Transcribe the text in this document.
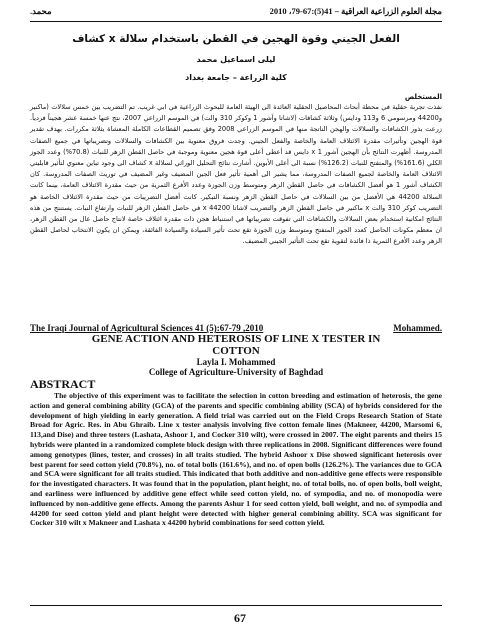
مجلة العلوم الزراعية العراقية – 41(5):67-79، 2010
محمد.
الفعل الجيني وقوة الهجين في القطن باستخدام سلالة x كشاف
ليلى اسماعيل محمد
كلية الزراعة – جامعة بغداد
المستخلص
نفذت تجربة حقلية في محطة أبحاث المحاصيل الحقلية العائدة الى الهيئة العامة للبحوث الزراعية في ابي غريب. تم التضريب بين خمس سلالات (ماكنير و44200 ومرسومي 6 و113 ودايس) وثلاثة كشافات (لاشاتا وآشور 1 وكوكر 310 والت) في الموسم الزراعي 2007، نتج عنها خمسة عشر هجيناً فردياً. زرعت بذور الكشافات والسلالات والهجن الناتجة منها في الموسم الزراعي 2008 وفق تصميم القطاعات الكاملة المعشاة بثلاثة مكررات. بهدف تقدير قوة الهجين وتأثيرات مقدرة الائتلاف العامة والخاصة والفعل الجيني. وجدت فروق معنوية بين الكشافات والسلالات وتضريباتها في جميع الصفات المدروسة. أظهرت النتائج بأن الهجين آشور 1 x دايس قد أعطى أعلى قوة هجين معنوية وموجبة في حاصل القطن الزهر للنبات (70.8%) وعدد الجوز الكلي (161.6%) والمتفتح للنبات (126.2%) نسبة الى أعلى الأبوين. أشارت نتائج التحليل الوراثي لسلالة x كشاف الى وجود تباين معنوي لتأثير قابليتي الائتلاف العامة والخاصة لجميع الصفات المدروسة، مما يشير الى أهمية تأثير فعل الجين المضيف وغير المضيف في توريث الصفات المدروسة. كان الكشاف آشور 1 هو أفضل الكشافات في حاصل القطن الزهر ومتوسط وزن الجوزة وعدد الأفرع الثمرية من حيث مقدرة الائتلاف العامة، بينما كانت السلالة 44200 هي الأفضل من بين السلالات في حاصل القطن الزهر ونسبة التبكير. كانت أفضل التضريبات من حيث مقدرة الائتلاف الخاصة هو التضريب كوكر 310 والت x ماكنير في حاصل القطن الزهر والتضريب لاشاتا x 44200 في حاصل القطن الزهر للنبات وارتفاع النبات. يستنتج من هذه النتائج امكانية استخدام بعض السلالات والكشافات التي تفوقت تضريباتها في استنباط هجن ذات مقدرة ائتلاف خاصة لانتاج حاصل عال من القطن الزهر، ان معظم مكونات الحاصل كعدد الجوز المتفتح ومتوسط وزن الجوزة تقع تحت تأثير السيادة والسيادة الفائقة، ويمكن ان يكون الانتخاب لحاصل القطن الزهر وعدد الأفرع الثمرية ذا فائدة لتقوية تقع تحت التأثير الجيني المضيف.
The Iraqi Journal of Agricultural Sciences 41 (5):67-79 ,2010	Mohammed.
GENE ACTION AND HETEROSIS OF LINE X TESTER IN
COTTON
Layla I. Mohammed
College of Agriculture-University of Baghdad
ABSTRACT

The objective of this experiment was to facilitate the selection in cotton breeding and estimation of heterosis, the gene action and general combining ability (GCA) of the parents and specific combining ability (SCA) of hybrids considered for the development of high yielding in early generation. A field trial was carried out on the Field Crops Research Station of State Broad for Agric. Res. in Abu Ghraib. Line x tester analysis involving five cotton female lines (Makneer, 44200, Marsomi 6, 113,and Dise) and three testers (Lashata, Ashoor 1, and Cocker 310 wilt), were crossed in 2007. The eight parents and theirs 15 hybrids were planted in a randomized complete block design with three replications in 2008. Significant differences were found among genotypes (lines, tester, and crosses) in all traits studied. The hybrid Ashoor x Dise showed significant heterosis over best parent for seed cotton yield (70.8%), no. of total bolls (161.6%), and no. of open bolls (126.2%). The variances due to GCA and SCA were significant for all traits studied. This indicated that both additive and non-additive gene effects were responsible for the investigated characters. It was found that in the population, plant height, no. of total bolls, no. of open bolls, boll weight, and earliness were influenced by additive gene effect while seed cotton yield, no. of sympodia, and no. of monopodia were influenced by non-additive gene effects. Among the parents Ashur 1 for seed cotton yield, boll weight, and no. of sympodia and 44200 for seed cotton yield and plant height were detected with higher general combining ability. SCA was significant for Cocker 310 wilt x Makneer and Lashata x 44200 hybrid combinations for seed cotton yield.

67
